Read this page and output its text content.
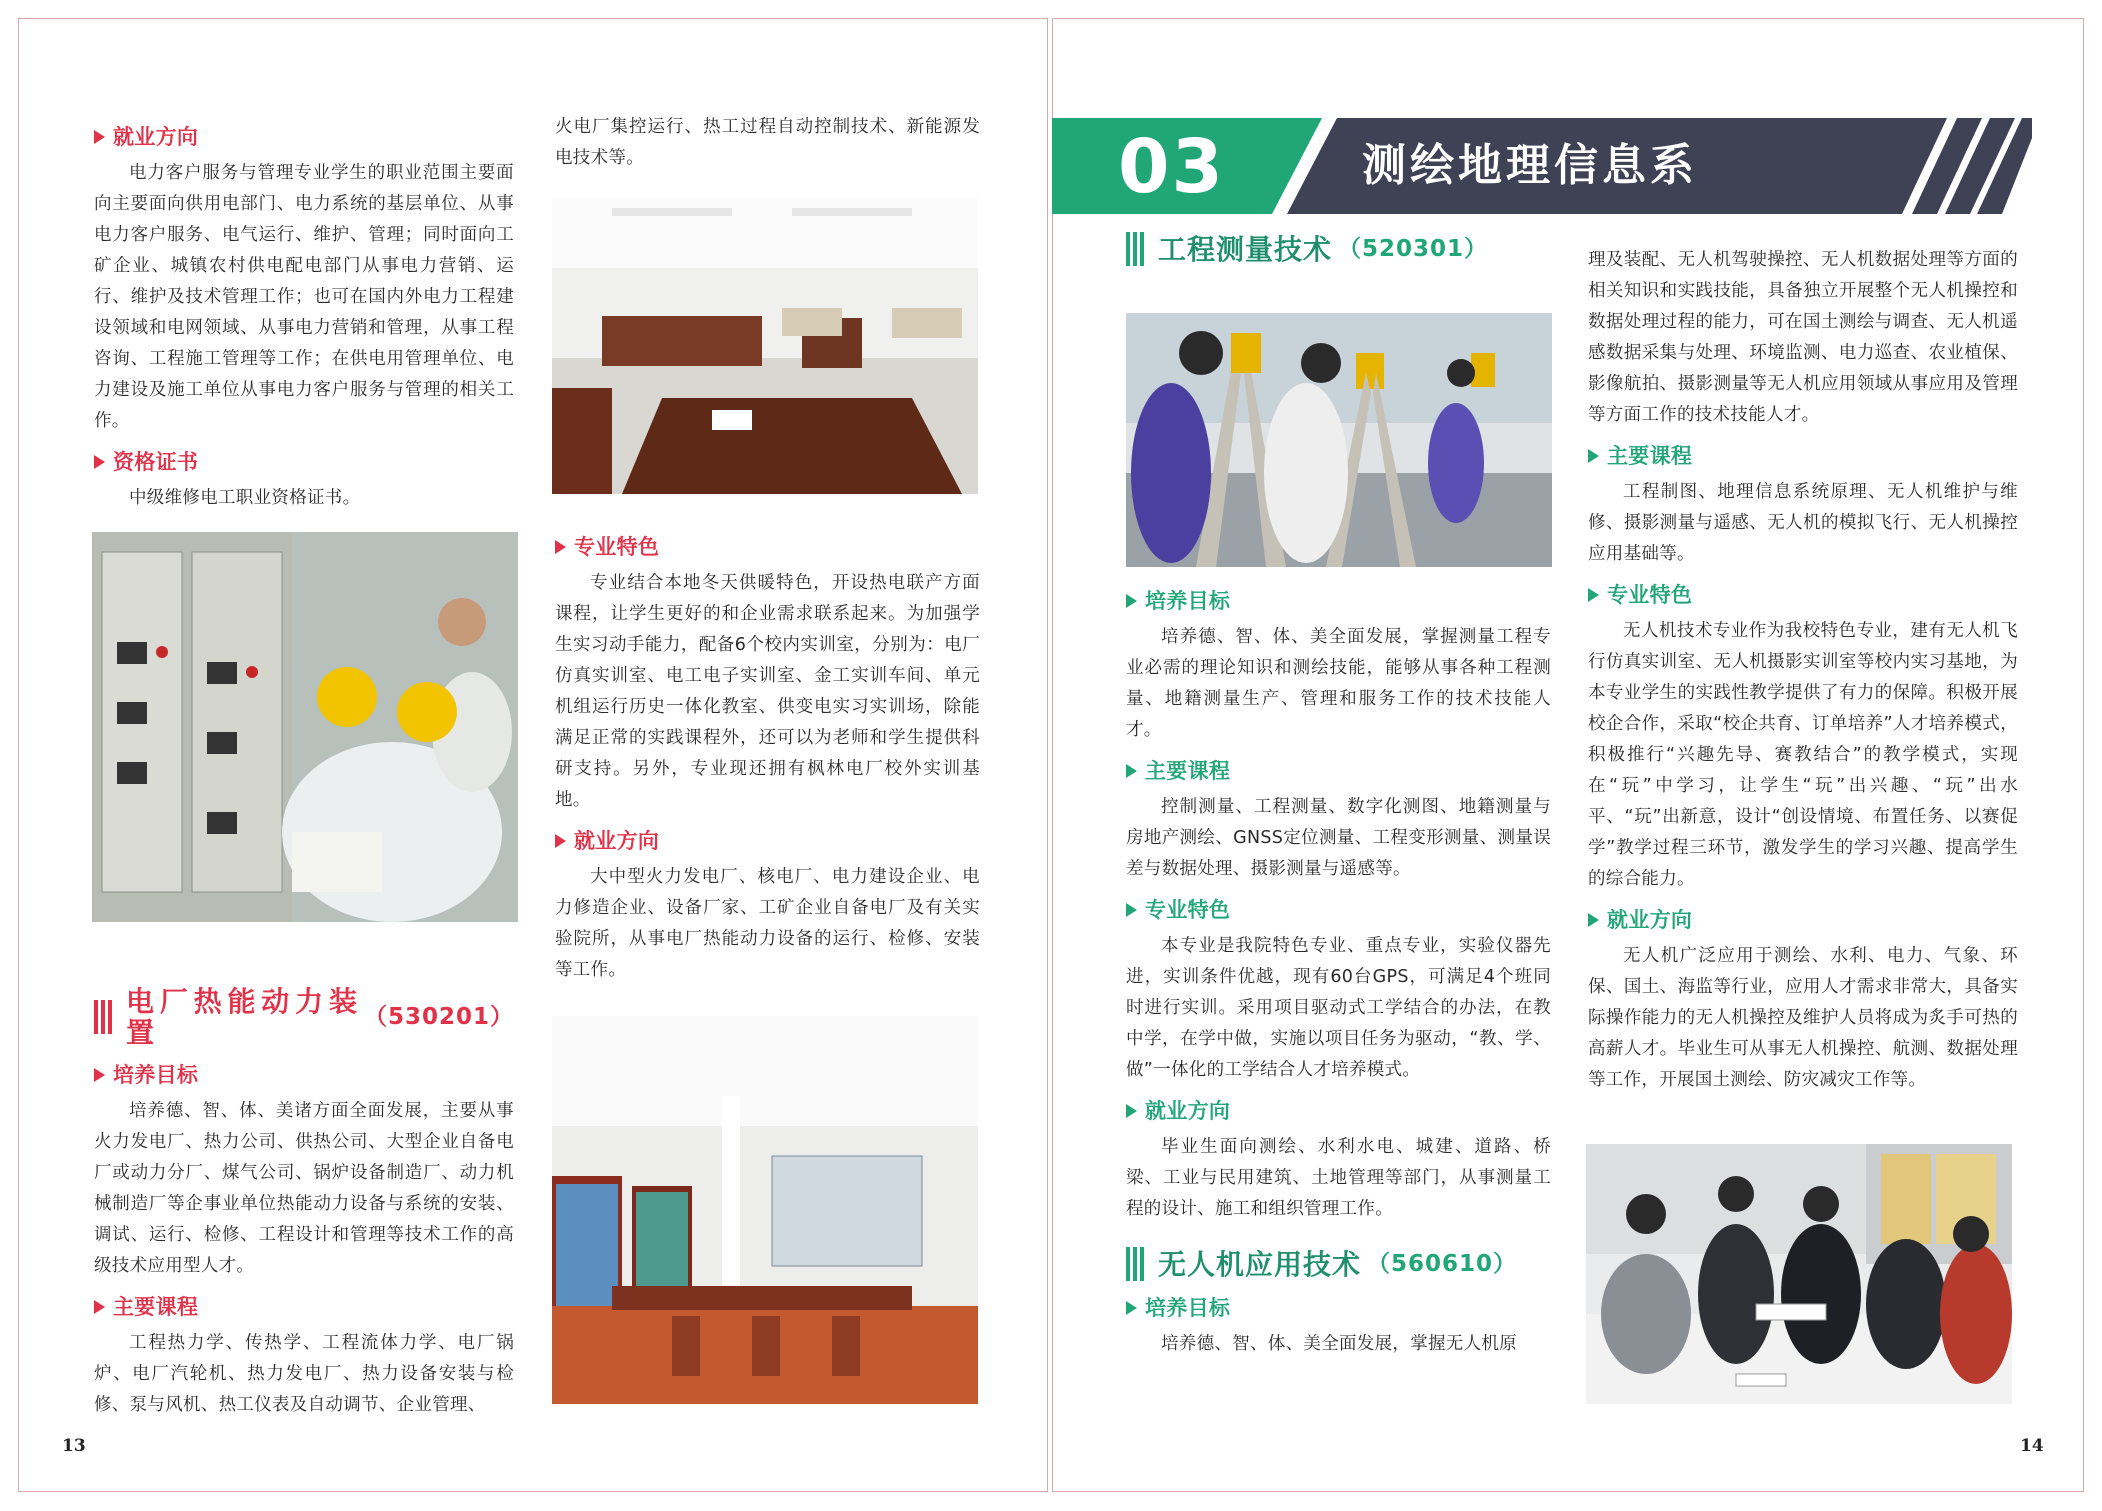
就业方向

电力客户服务与管理专业学生的职业范围主要面向主要面向供用电部门、电力系统的基层单位、从事电力客户服务、电气运行、维护、管理；同时面向工矿企业、城镇农村供电配电部门从事电力营销、运行、维护及技术管理工作；也可在国内外电力工程建设领域和电网领域、从事电力营销和管理，从事工程咨询、工程施工管理等工作；在供电用管理单位、电力建设及施工单位从事电力客户服务与管理的相关工作。

资格证书

中级维修电工职业资格证书。

电厂热能动力装置	（530201）
培养目标

培养德、智、体、美诸方面全面发展，主要从事火力发电厂、热力公司、供热公司、大型企业自备电厂或动力分厂、煤气公司、锅炉设备制造厂、动力机械制造厂等企事业单位热能动力设备与系统的安装、调试、运行、检修、工程设计和管理等技术工作的高级技术应用型人才。

主要课程

工程热力学、传热学、工程流体力学、电厂锅炉、电厂汽轮机、热力发电厂、热力设备安装与检修、泵与风机、热工仪表及自动调节、企业管理、

火电厂集控运行、热工过程自动控制技术、新能源发电技术等。

专业特色

专业结合本地冬天供暖特色，开设热电联产方面课程，让学生更好的和企业需求联系起来。为加强学生实习动手能力，配备6个校内实训室，分别为：电厂仿真实训室、电工电子实训室、金工实训车间、单元机组运行历史一体化教室、供变电实习实训场，除能满足正常的实践课程外，还可以为老师和学生提供科研支持。另外，专业现还拥有枫林电厂校外实训基地。

就业方向

大中型火力发电厂、核电厂、电力建设企业、电力修造企业、设备厂家、工矿企业自备电厂及有关实验院所，从事电厂热能动力设备的运行、检修、安装等工作。

13
03	测绘地理信息系
工程测量技术 （520301）
培养目标

培养德、智、体、美全面发展，掌握测量工程专业必需的理论知识和测绘技能，能够从事各种工程测量、地籍测量生产、管理和服务工作的技术技能人才。

主要课程

控制测量、工程测量、数字化测图、地籍测量与房地产测绘、GNSS定位测量、工程变形测量、测量误差与数据处理、摄影测量与遥感等。

专业特色

本专业是我院特色专业、重点专业，实验仪器先进，实训条件优越，现有60台GPS，可满足4个班同时进行实训。采用项目驱动式工学结合的办法，在教中学，在学中做，实施以项目任务为驱动，“教、学、做”一体化的工学结合人才培养模式。

就业方向

毕业生面向测绘、水利水电、城建、道路、桥梁、工业与民用建筑、土地管理等部门，从事测量工程的设计、施工和组织管理工作。

无人机应用技术 （560610）
培养目标

培养德、智、体、美全面发展，掌握无人机原

理及装配、无人机驾驶操控、无人机数据处理等方面的相关知识和实践技能，具备独立开展整个无人机操控和数据处理过程的能力，可在国土测绘与调查、无人机遥感数据采集与处理、环境监测、电力巡查、农业植保、影像航拍、摄影测量等无人机应用领域从事应用及管理等方面工作的技术技能人才。

主要课程

工程制图、地理信息系统原理、无人机维护与维修、摄影测量与遥感、无人机的模拟飞行、无人机操控应用基础等。

专业特色

无人机技术专业作为我校特色专业，建有无人机飞行仿真实训室、无人机摄影实训室等校内实习基地，为本专业学生的实践性教学提供了有力的保障。积极开展校企合作，采取“校企共育、订单培养”人才培养模式，积极推行“兴趣先导、赛教结合”的教学模式，实现在“玩”中学习，让学生“玩”出兴趣、“玩”出水平、“玩”出新意，设计“创设情境、布置任务、以赛促学”教学过程三环节，激发学生的学习兴趣、提高学生的综合能力。

就业方向

无人机广泛应用于测绘、水利、电力、气象、环保、国土、海监等行业，应用人才需求非常大，具备实际操作能力的无人机操控及维护人员将成为炙手可热的高薪人才。毕业生可从事无人机操控、航测、数据处理等工作，开展国土测绘、防灾减灾工作等。

14
